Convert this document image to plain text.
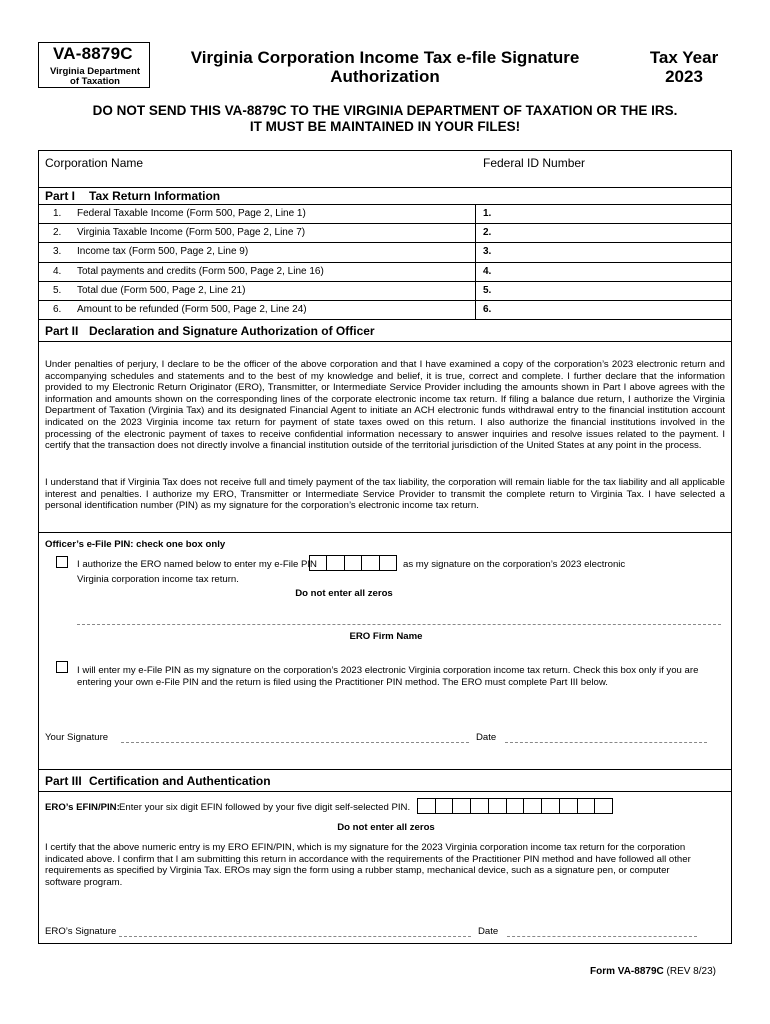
VA-8879C
Virginia Department
of Taxation
Virginia Corporation Income Tax e-file Signature
Authorization
Tax Year
2023
DO NOT SEND THIS VA-8879C TO THE VIRGINIA DEPARTMENT OF TAXATION OR THE IRS.
IT MUST BE MAINTAINED IN YOUR FILES!
Corporation Name	Federal ID Number
Part I Tax Return Information
1. Federal Taxable Income (Form 500, Page 2, Line 1)	1.
2. Virginia Taxable Income (Form 500, Page 2, Line 7)	2.
3. Income tax (Form 500, Page 2, Line 9)	3.
4. Total payments and credits (Form 500, Page 2, Line 16)	4.
5. Total due (Form 500, Page 2, Line 21)	5.
6. Amount to be refunded (Form 500, Page 2, Line 24)	6.
Part II Declaration and Signature Authorization of Officer
Under penalties of perjury, I declare to be the officer of the above corporation and that I have examined a copy of the corporation’s 2023 electronic return and accompanying schedules and statements and to the best of my knowledge and belief, it is true, correct and complete. I further declare that the information provided to my Electronic Return Originator (ERO), Transmitter, or Intermediate Service Provider including the amounts shown in Part I above agrees with the information and amounts shown on the corresponding lines of the corporate electronic income tax return. If filing a balance due return, I authorize the Virginia Department of Taxation (Virginia Tax) and its designated Financial Agent to initiate an ACH electronic funds withdrawal entry to the financial institution account indicated on the 2023 Virginia income tax return for payment of state taxes owed on this return. I also authorize the financial institutions involved in the processing of the electronic payment of taxes to receive confidential information necessary to answer inquiries and resolve issues related to the payment. I certify that the transaction does not directly involve a financial institution outside of the territorial jurisdiction of the United States at any point in the process.
I understand that if Virginia Tax does not receive full and timely payment of the tax liability, the corporation will remain liable for the tax liability and all applicable interest and penalties. I authorize my ERO, Transmitter or Intermediate Service Provider to transmit the complete return to Virginia Tax. I have selected a personal identification number (PIN) as my signature for the corporation’s electronic income tax return.
Officer’s e-File PIN: check one box only
I authorize the ERO named below to enter my e-File PIN	as my signature on the corporation’s 2023 electronic
Virginia corporation income tax return.
Do not enter all zeros
ERO Firm Name
I will enter my e-File PIN as my signature on the corporation’s 2023 electronic Virginia corporation income tax return. Check this box only if you are entering your own e-File PIN and the return is filed using the Practitioner PIN method. The ERO must complete Part III below.
Your Signature	Date
Part III Certification and Authentication
ERO’s EFIN/PIN: Enter your six digit EFIN followed by your five digit self-selected PIN.
Do not enter all zeros
I certify that the above numeric entry is my ERO EFIN/PIN, which is my signature for the 2023 Virginia corporation income tax return for the corporation indicated above. I confirm that I am submitting this return in accordance with the requirements of the Practitioner PIN method and have followed all other requirements as specified by Virginia Tax. EROs may sign the form using a rubber stamp, mechanical device, such as a signature pen, or computer software program.
ERO’s Signature	Date
Form VA-8879C (REV 8/23)
